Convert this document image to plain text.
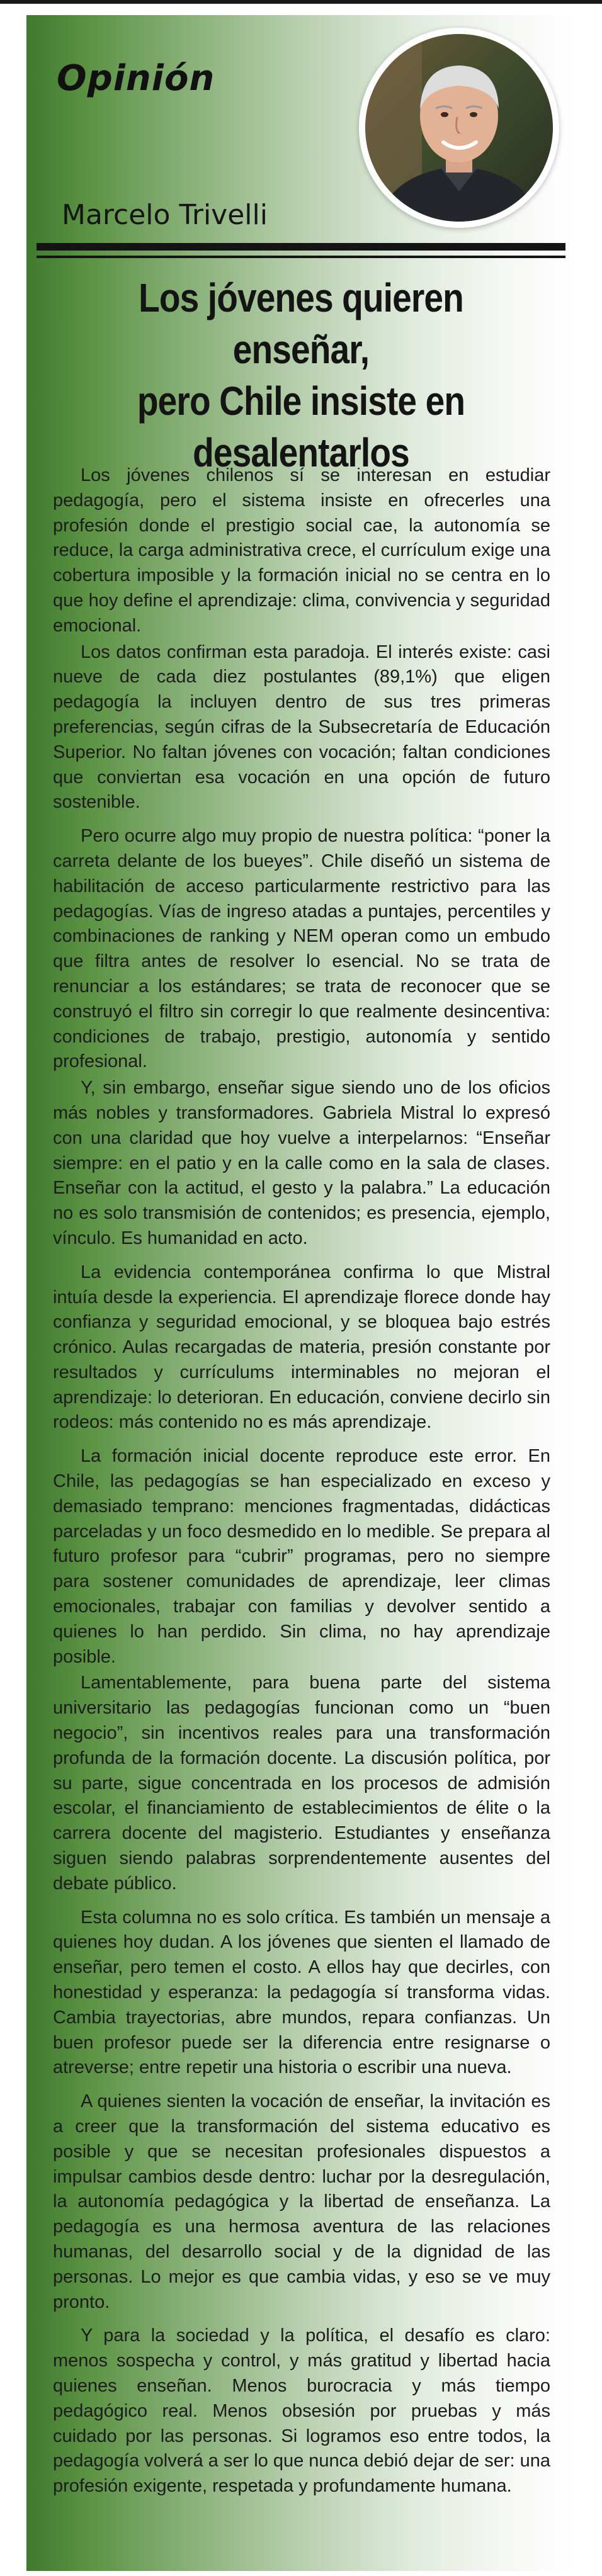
Opinión

Marcelo Trivelli

Los jóvenes quieren enseñar,
pero Chile insiste en
desalentarlos

Los jóvenes chilenos sí se interesan en estudiar pedagogía, pero el sistema insiste en ofrecerles una profesión donde el prestigio social cae, la autonomía se reduce, la carga administrativa crece, el currículum exige una cobertura imposible y la formación inicial no se centra en lo que hoy define el aprendizaje: clima, convivencia y seguridad emocional.

Los datos confirman esta paradoja. El interés existe: casi nueve de cada diez postulantes (89,1%) que eligen pedagogía la incluyen dentro de sus tres primeras preferencias, según cifras de la Subsecretaría de Educación Superior. No faltan jóvenes con vocación; faltan condiciones que conviertan esa vocación en una opción de futuro sostenible.

Pero ocurre algo muy propio de nuestra política: “poner la carreta delante de los bueyes”. Chile diseñó un sistema de habilitación de acceso particularmente restrictivo para las pedagogías. Vías de ingreso atadas a puntajes, percentiles y combinaciones de ranking y NEM operan como un embudo que filtra antes de resolver lo esencial. No se trata de renunciar a los estándares; se trata de reconocer que se construyó el filtro sin corregir lo que realmente desincentiva: condiciones de trabajo, prestigio, autonomía y sentido profesional.

Y, sin embargo, enseñar sigue siendo uno de los oficios más nobles y transformadores. Gabriela Mistral lo expresó con una claridad que hoy vuelve a interpelarnos: “Enseñar siempre: en el patio y en la calle como en la sala de clases. Enseñar con la actitud, el gesto y la palabra.” La educación no es solo transmisión de contenidos; es presencia, ejemplo, vínculo. Es humanidad en acto.

La evidencia contemporánea confirma lo que Mistral intuía desde la experiencia. El aprendizaje florece donde hay confianza y seguridad emocional, y se bloquea bajo estrés crónico. Aulas recargadas de materia, presión constante por resultados y currículums interminables no mejoran el aprendizaje: lo deterioran. En educación, conviene decirlo sin rodeos: más contenido no es más aprendizaje.

La formación inicial docente reproduce este error. En Chile, las pedagogías se han especializado en exceso y demasiado temprano: menciones fragmentadas, didácticas parceladas y un foco desmedido en lo medible. Se prepara al futuro profesor para “cubrir” programas, pero no siempre para sostener comunidades de aprendizaje, leer climas emocionales, trabajar con familias y devolver sentido a quienes lo han perdido. Sin clima, no hay aprendizaje posible.

Lamentablemente, para buena parte del sistema universitario las pedagogías funcionan como un “buen negocio”, sin incentivos reales para una transformación profunda de la formación docente. La discusión política, por su parte, sigue concentrada en los procesos de admisión escolar, el financiamiento de establecimientos de élite o la carrera docente del magisterio. Estudiantes y enseñanza siguen siendo palabras sorprendentemente ausentes del debate público.

Esta columna no es solo crítica. Es también un mensaje a quienes hoy dudan. A los jóvenes que sienten el llamado de enseñar, pero temen el costo. A ellos hay que decirles, con honestidad y esperanza: la pedagogía sí transforma vidas. Cambia trayectorias, abre mundos, repara confianzas. Un buen profesor puede ser la diferencia entre resignarse o atreverse; entre repetir una historia o escribir una nueva.

A quienes sienten la vocación de enseñar, la invitación es a creer que la transformación del sistema educativo es posible y que se necesitan profesionales dispuestos a impulsar cambios desde dentro: luchar por la desregulación, la autonomía pedagógica y la libertad de enseñanza. La pedagogía es una hermosa aventura de las relaciones humanas, del desarrollo social y de la dignidad de las personas. Lo mejor es que cambia vidas, y eso se ve muy pronto.

Y para la sociedad y la política, el desafío es claro: menos sospecha y control, y más gratitud y libertad hacia quienes enseñan. Menos burocracia y más tiempo pedagógico real. Menos obsesión por pruebas y más cuidado por las personas. Si logramos eso entre todos, la pedagogía volverá a ser lo que nunca debió dejar de ser: una profesión exigente, respetada y profundamente humana.
